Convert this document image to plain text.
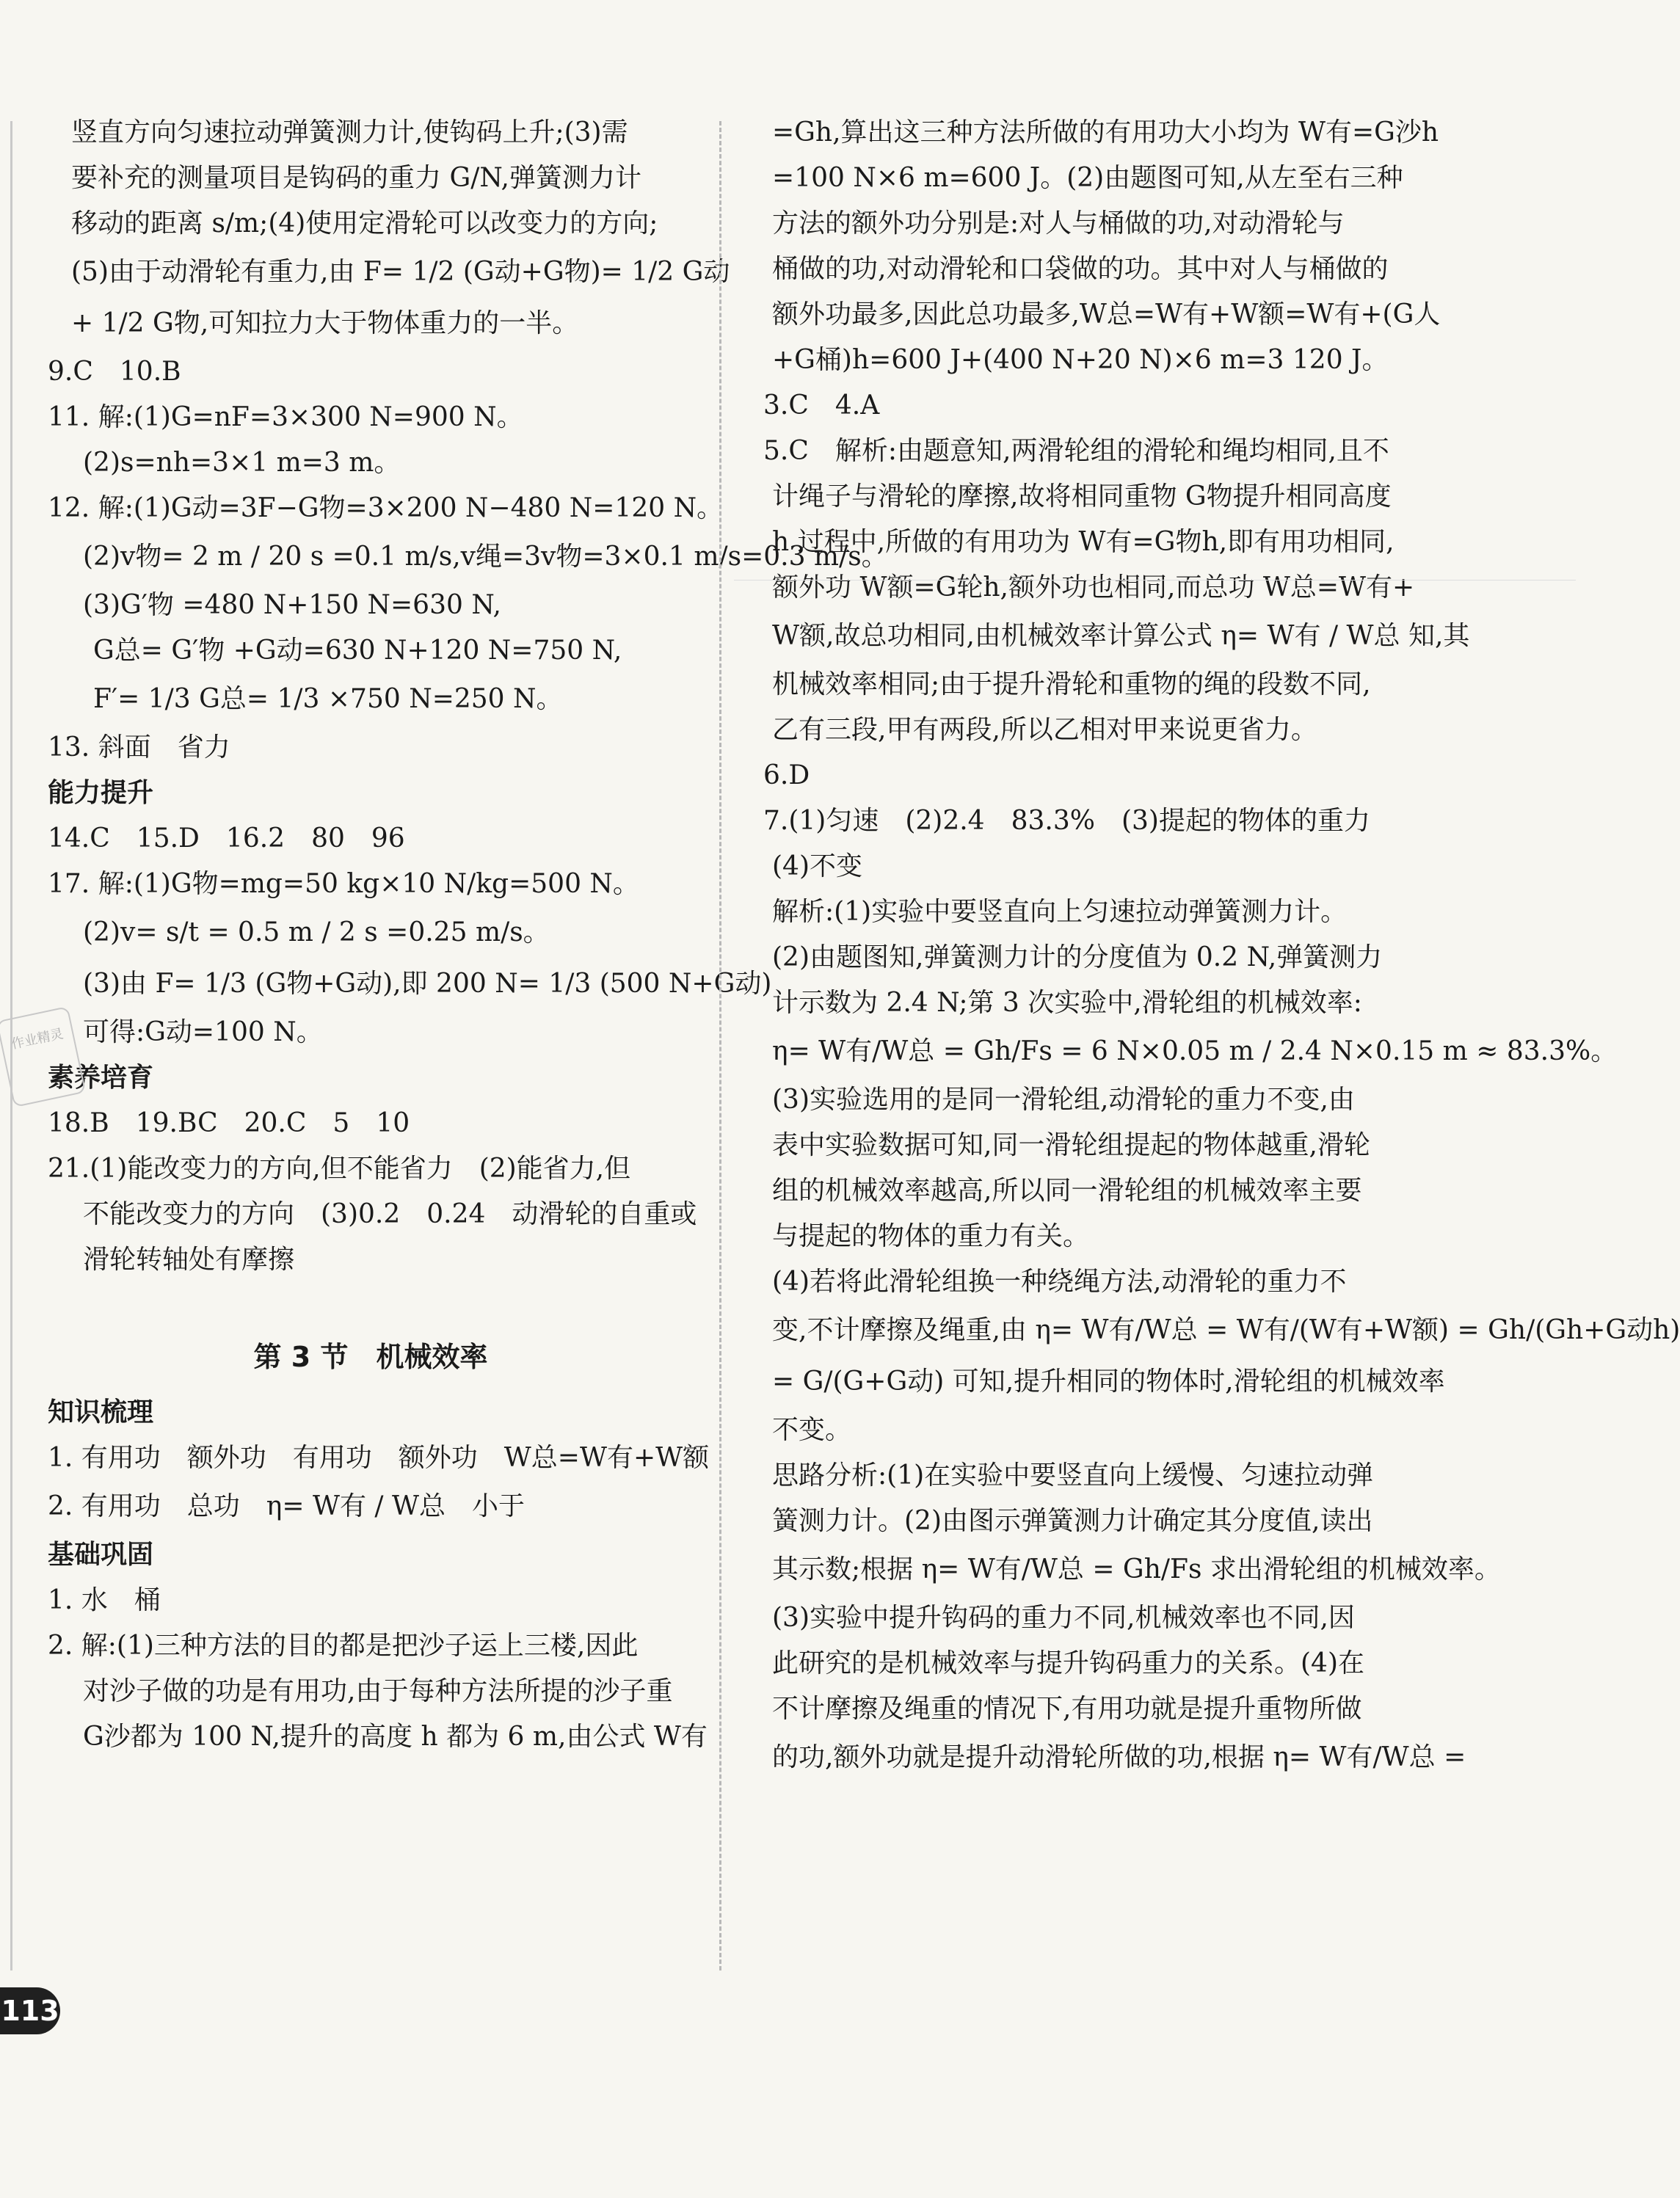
竖直方向匀速拉动弹簧测力计,使钩码上升;(3)需
要补充的测量项目是钩码的重力 G/N,弹簧测力计
移动的距离 s/m;(4)使用定滑轮可以改变力的方向;
(5)由于动滑轮有重力,由 F= 1/2 (G动+G物)= 1/2 G动
+ 1/2 G物,可知拉力大于物体重力的一半。
9.C　10.B
11. 解:(1)G=nF=3×300 N=900 N。
(2)s=nh=3×1 m=3 m。
12. 解:(1)G动=3F−G物=3×200 N−480 N=120 N。
(2)v物= 2 m / 20 s =0.1 m/s,v绳=3v物=3×0.1 m/s=0.3 m/s。
(3)G′物 =480 N+150 N=630 N,
G总= G′物 +G动=630 N+120 N=750 N,
F′= 1/3 G总= 1/3 ×750 N=250 N。
13. 斜面　省力
能力提升
14.C　15.D　16.2　80　96
17. 解:(1)G物=mg=50 kg×10 N/kg=500 N。
(2)v= s/t = 0.5 m / 2 s =0.25 m/s。
(3)由 F= 1/3 (G物+G动),即 200 N= 1/3 (500 N+G动)
可得:G动=100 N。
素养培育
18.B　19.BC　20.C　5　10
21.(1)能改变力的方向,但不能省力　(2)能省力,但
不能改变力的方向　(3)0.2　0.24　动滑轮的自重或
滑轮转轴处有摩擦
第 3 节　机械效率
知识梳理
1. 有用功　额外功　有用功　额外功　W总=W有+W额
2. 有用功　总功　η= W有 / W总　小于
基础巩固
1. 水　桶
2. 解:(1)三种方法的目的都是把沙子运上三楼,因此
对沙子做的功是有用功,由于每种方法所提的沙子重
G沙都为 100 N,提升的高度 h 都为 6 m,由公式 W有
=Gh,算出这三种方法所做的有用功大小均为 W有=G沙h
=100 N×6 m=600 J。(2)由题图可知,从左至右三种
方法的额外功分别是:对人与桶做的功,对动滑轮与
桶做的功,对动滑轮和口袋做的功。其中对人与桶做的
额外功最多,因此总功最多,W总=W有+W额=W有+(G人
+G桶)h=600 J+(400 N+20 N)×6 m=3 120 J。
3.C　4.A
5.C　解析:由题意知,两滑轮组的滑轮和绳均相同,且不
计绳子与滑轮的摩擦,故将相同重物 G物提升相同高度
h 过程中,所做的有用功为 W有=G物h,即有用功相同,
额外功 W额=G轮h,额外功也相同,而总功 W总=W有+
W额,故总功相同,由机械效率计算公式 η= W有 / W总 知,其
机械效率相同;由于提升滑轮和重物的绳的段数不同,
乙有三段,甲有两段,所以乙相对甲来说更省力。
6.D
7.(1)匀速　(2)2.4　83.3%　(3)提起的物体的重力
(4)不变
解析:(1)实验中要竖直向上匀速拉动弹簧测力计。
(2)由题图知,弹簧测力计的分度值为 0.2 N,弹簧测力
计示数为 2.4 N;第 3 次实验中,滑轮组的机械效率:
η= W有/W总 = Gh/Fs = 6 N×0.05 m / 2.4 N×0.15 m ≈ 83.3%。
(3)实验选用的是同一滑轮组,动滑轮的重力不变,由
表中实验数据可知,同一滑轮组提起的物体越重,滑轮
组的机械效率越高,所以同一滑轮组的机械效率主要
与提起的物体的重力有关。
(4)若将此滑轮组换一种绕绳方法,动滑轮的重力不
变,不计摩擦及绳重,由 η= W有/W总 = W有/(W有+W额) = Gh/(Gh+G动h)
= G/(G+G动) 可知,提升相同的物体时,滑轮组的机械效率
不变。
思路分析:(1)在实验中要竖直向上缓慢、匀速拉动弹
簧测力计。(2)由图示弹簧测力计确定其分度值,读出
其示数;根据 η= W有/W总 = Gh/Fs 求出滑轮组的机械效率。
(3)实验中提升钩码的重力不同,机械效率也不同,因
此研究的是机械效率与提升钩码重力的关系。(4)在
不计摩擦及绳重的情况下,有用功就是提升重物所做
的功,额外功就是提升动滑轮所做的功,根据 η= W有/W总 =
作业精灵
113
